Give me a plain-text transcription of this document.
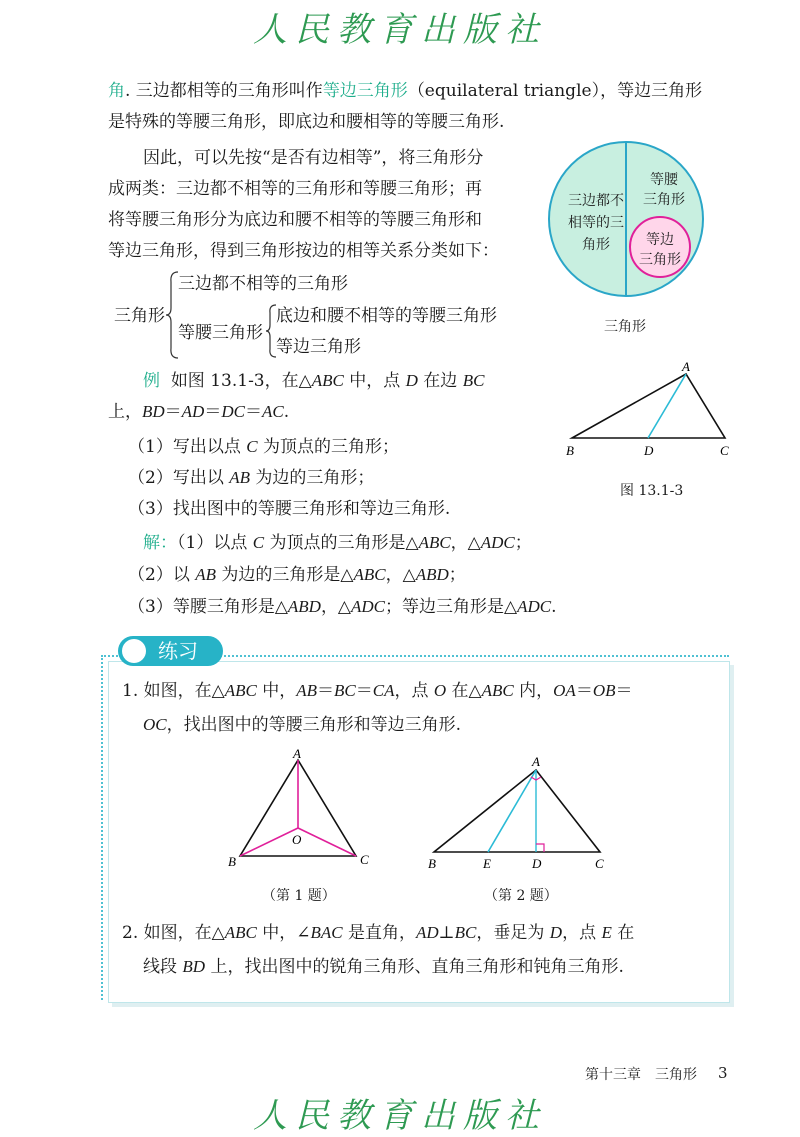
人民教育出版社
角. 三边都相等的三角形叫作等边三角形（equilateral triangle），等边三角形
是特殊的等腰三角形，即底边和腰相等的等腰三角形.
因此，可以先按“是否有边相等”，将三角形分
成两类：三边都不相等的三角形和等腰三角形；再
将等腰三角形分为底边和腰不相等的等腰三角形和
等边三角形，得到三角形按边的相等关系分类如下：
三边都不
相等的三
角形
等腰
三角形
等边
三角形
三角形
三角形
三边都不相等的三角形
等腰三角形
底边和腰不相等的等腰三角形
等边三角形
例 如图 13.1-3，在△ABC 中，点 D 在边 BC
上，BD＝AD＝DC＝AC.
（1）写出以点 C 为顶点的三角形；
（2）写出以 AB 为边的三角形；
（3）找出图中的等腰三角形和等边三角形.
A
B	D	C
图 13.1-3
解：（1）以点 C 为顶点的三角形是△ABC，△ADC；
（2）以 AB 为边的三角形是△ABC，△ABD；
（3）等腰三角形是△ABD，△ADC；等边三角形是△ADC.
练习
1. 如图，在△ABC 中，AB＝BC＝CA，点 O 在△ABC 内，OA＝OB＝
OC，找出图中的等腰三角形和等边三角形.
A
B	C
O
（第 1 题）
A
B	E	D	C
（第 2 题）
2. 如图，在△ABC 中，∠BAC 是直角，AD⊥BC，垂足为 D，点 E 在
线段 BD 上，找出图中的锐角三角形、直角三角形和钝角三角形.
第十三章　三角形 3
人民教育出版社
